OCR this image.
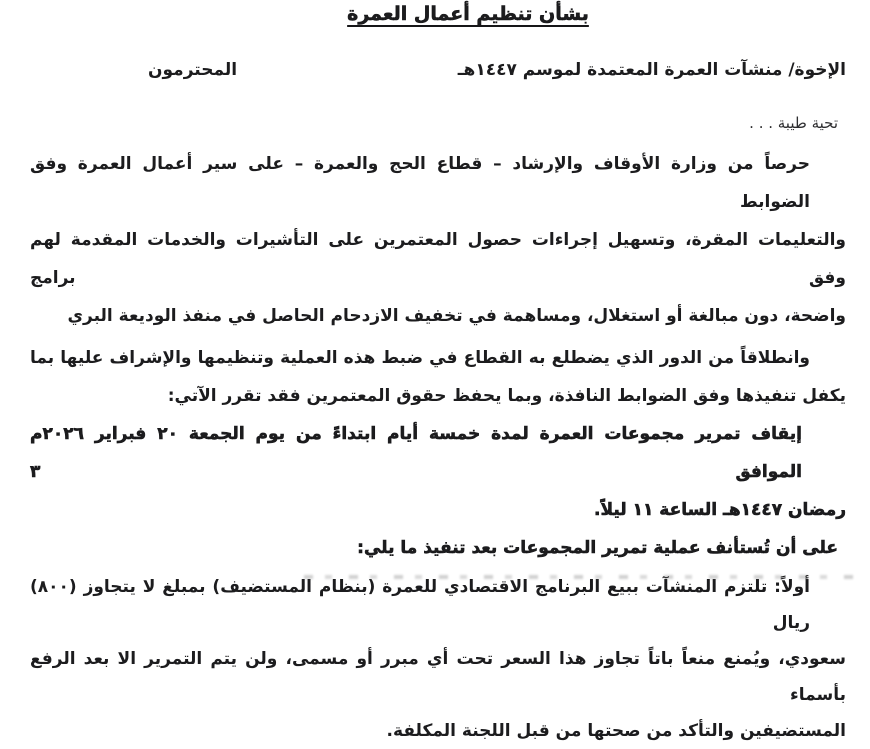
بشأن تنظيم أعمال العمرة
الإخوة/ منشآت العمرة المعتمدة لموسم ١٤٤٧هـ
المحترمون
تحية طيبة . . .
حرصاً من وزارة الأوقاف والإرشاد – قطاع الحج والعمرة – على سير أعمال العمرة وفق الضوابط
والتعليمات المقرة، وتسهيل إجراءات حصول المعتمرين على التأشيرات والخدمات المقدمة لهم وفق برامج
واضحة، دون مبالغة أو استغلال، ومساهمة في تخفيف الازدحام الحاصل في منفذ الوديعة البري
وانطلاقاً من الدور الذي يضطلع به القطاع في ضبط هذه العملية وتنظيمها والإشراف عليها بما
يكفل تنفيذها وفق الضوابط النافذة، وبما يحفظ حقوق المعتمرين فقد تقرر الآتي:
إيقاف تمرير مجموعات العمرة لمدة خمسة أيام ابتداءً من يوم الجمعة ٢٠ فبراير ٢٠٢٦م الموافق ٣
رمضان ١٤٤٧هـ الساعة ١١ ليلاً.
على أن تُستأنف عملية تمرير المجموعات بعد تنفيذ ما يلي:
أولاً: تلتزم المنشآت ببيع البرنامج الاقتصادي للعمرة (بنظام المستضيف) بمبلغ لا يتجاوز (٨٠٠) ريال
سعودي، ويُمنع منعاً باتاً تجاوز هذا السعر تحت أي مبرر أو مسمى، ولن يتم التمرير الا بعد الرفع بأسماء
المستضيفين والتأكد من صحتها من قبل اللجنة المكلفة.
